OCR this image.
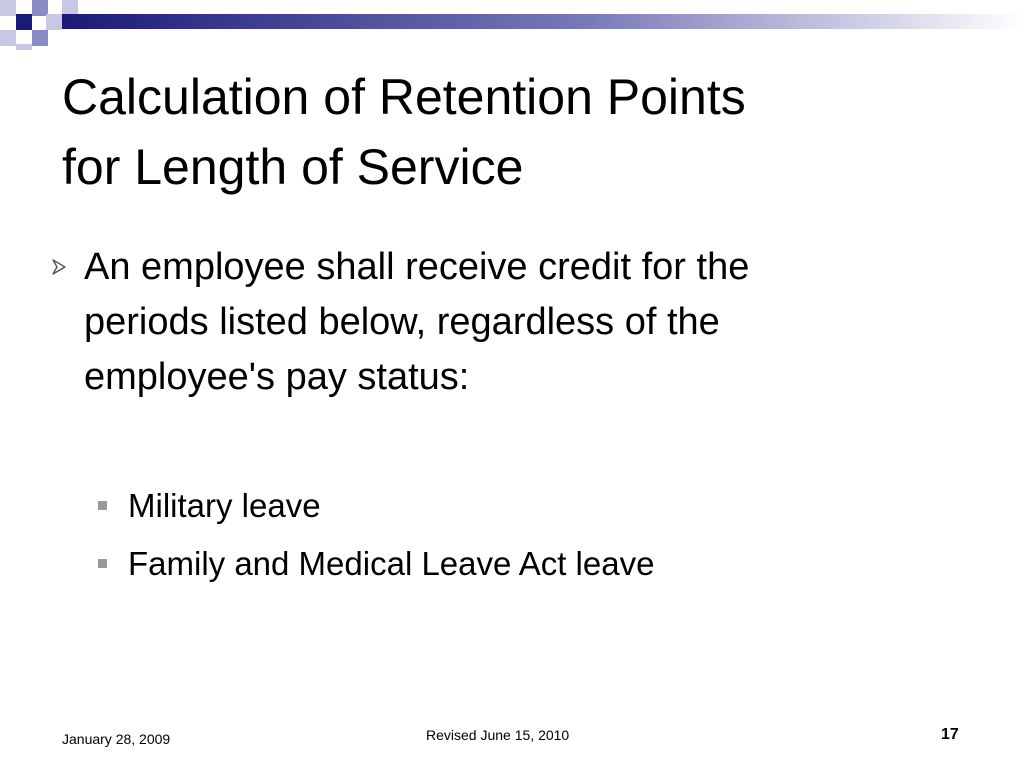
Calculation of Retention Points
for Length of Service
An employee shall receive credit for the
periods listed below, regardless of the
employee's pay status:
Military leave
Family and Medical Leave Act leave
January 28, 2009	Revised June 15, 2010	17
